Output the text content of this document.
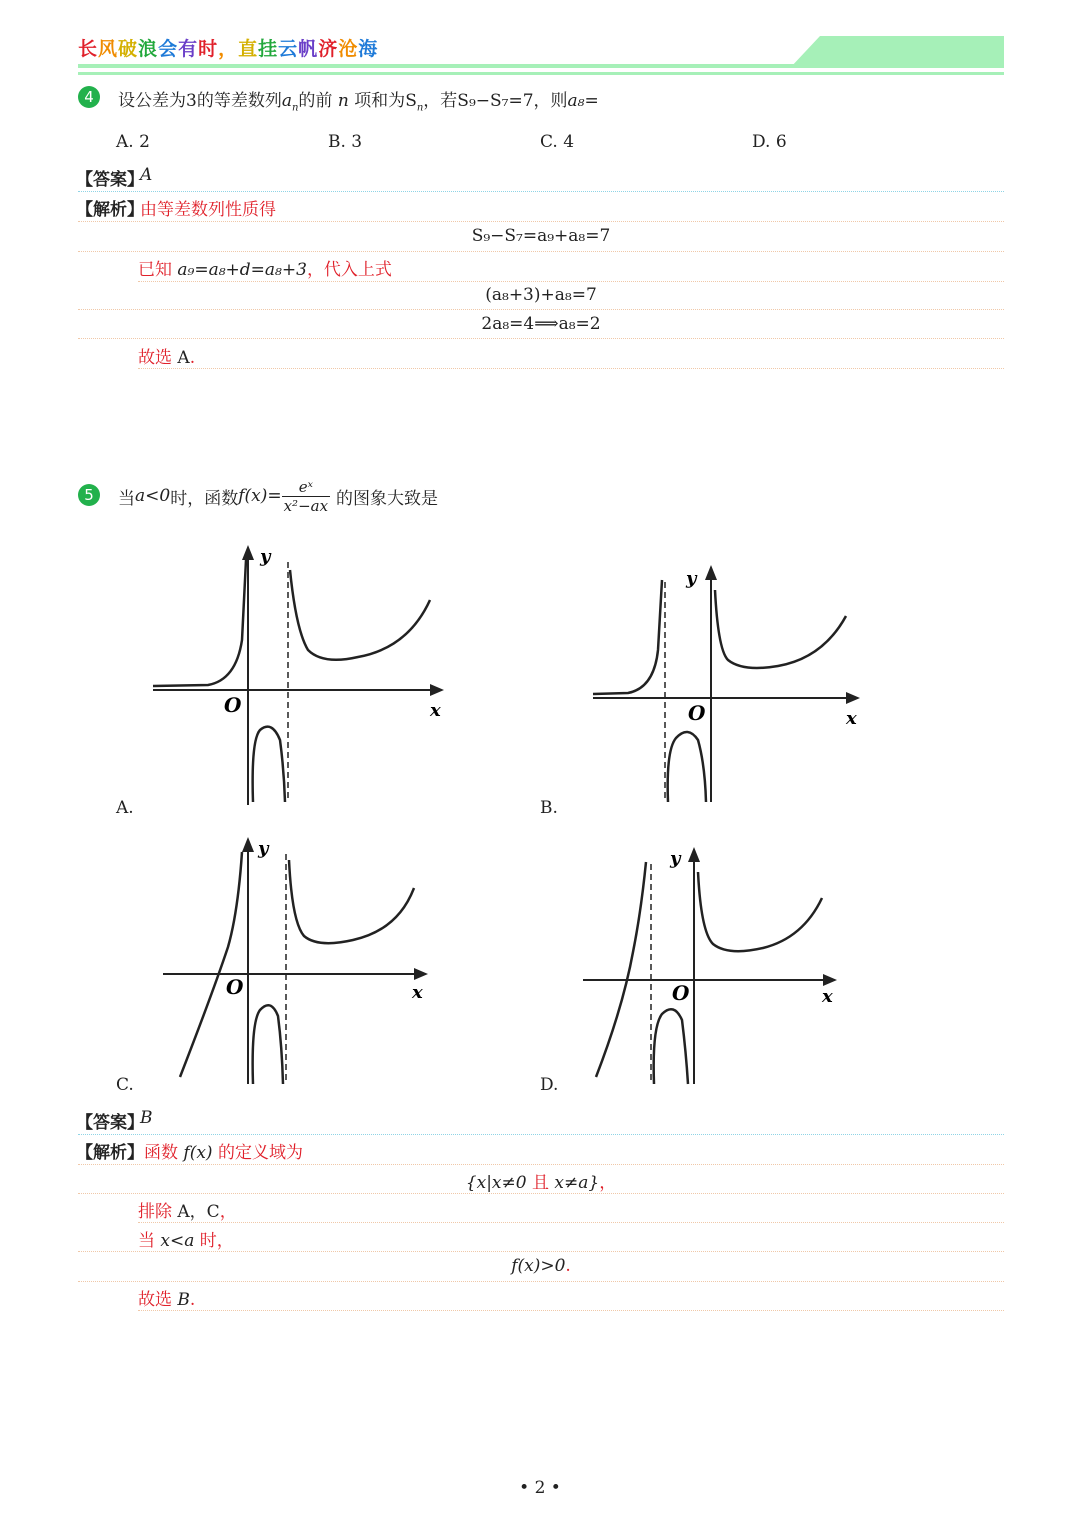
长风破浪会有时，直挂云帆济沧海
4	设公差为3的等差数列$a_n$的前 n 项和为$S_n$，若S₉−S₇=7，则a₈=
A. 2	B. 3	C. 4	D. 6
【答案】
A
【解析】
由等差数列性质得
S₉−S₇=a₉+a₈=7
已知 a₉=a₈+d=a₈+3，代入上式
(a₈+3)+a₈=7
2a₈=4⟹a₈=2
故选 A.
5	当 a<0 时，函数 $f(x)= \frac{\text{eˣ}}{\text{x²−ax}}$ 的图象大致是
y
O	x
A.
y
O	x
B.
y
O	x
C.
y
O	x
D.
【答案】
B
【解析】函数 f(x) 的定义域为
{x|x≠0 且 x≠a}，
排除 A，C，
当 x<a 时，
f(x)>0.
故选 B.
• 2 •
